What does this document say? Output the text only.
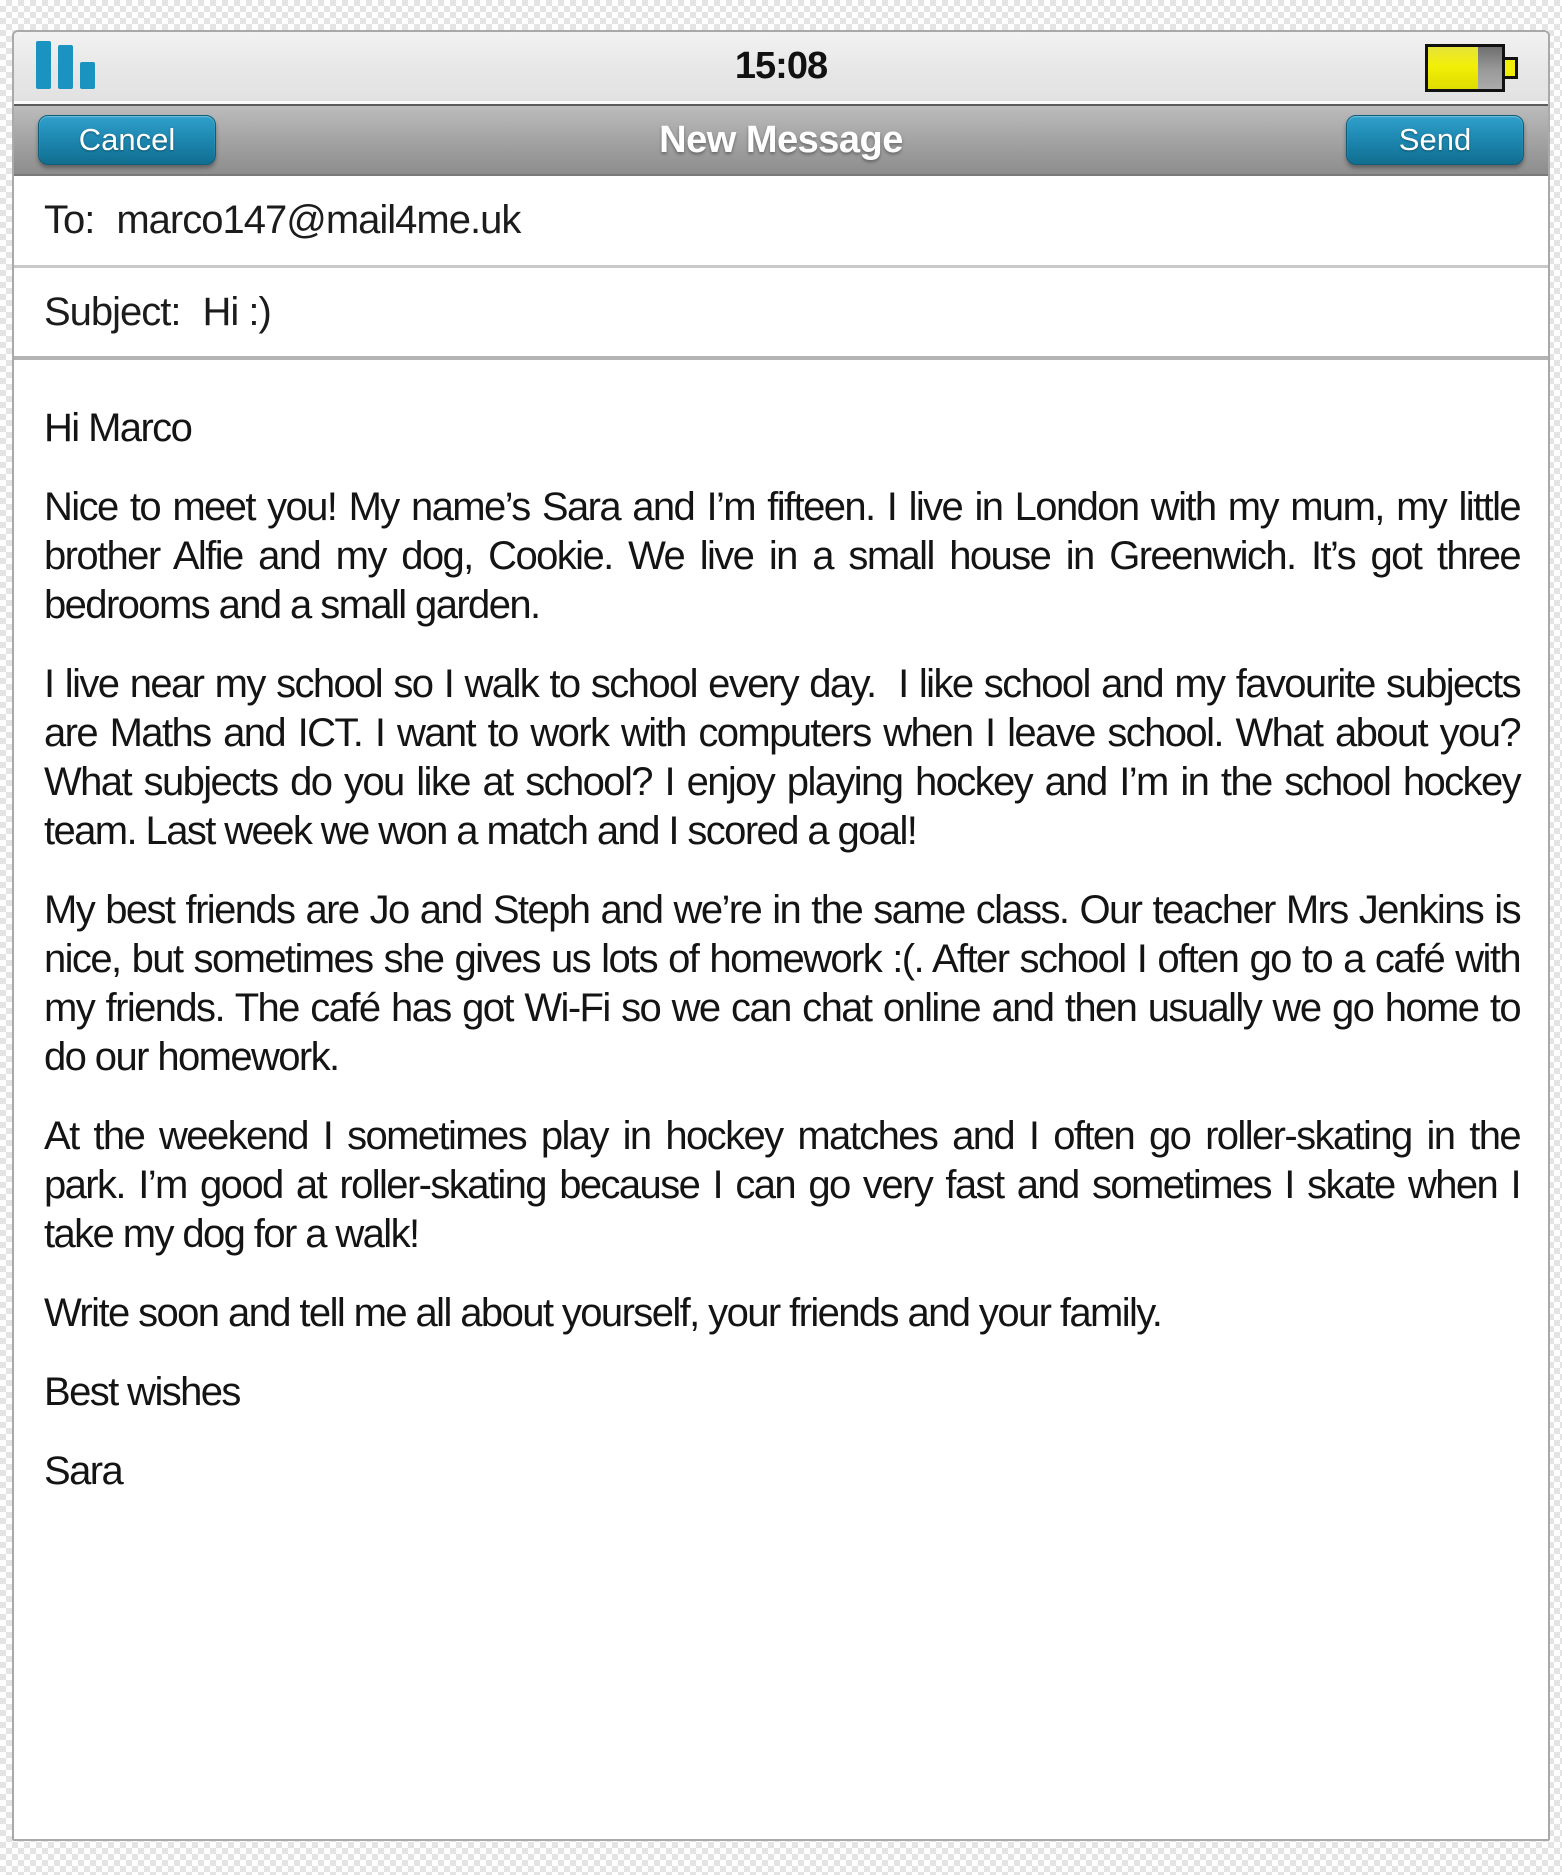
15:08
Cancel	New Message	Send
To: marco147@mail4me.uk
Subject: Hi :)

Hi Marco

Nice to meet you! My name’s Sara and I’m fifteen. I live in London with my mum, my little brother Alfie and my dog, Cookie. We live in a small house in Greenwich. It’s got three bedrooms and a small garden.

I live near my school so I walk to school every day.  I like school and my favourite subjects are Maths and ICT. I want to work with computers when I leave school. What about you? What subjects do you like at school? I enjoy playing hockey and I’m in the school hockey team. Last week we won a match and I scored a goal!

My best friends are Jo and Steph and we’re in the same class. Our teacher Mrs Jenkins is nice, but sometimes she gives us lots of homework :(. After school I often go to a café with my friends. The café has got Wi-Fi so we can chat online and then usually we go home to do our homework.

At the weekend I sometimes play in hockey matches and I often go roller-skating in the park. I’m good at roller-skating because I can go very fast and sometimes I skate when I take my dog for a walk!

Write soon and tell me all about yourself, your friends and your family.

Best wishes

Sara
